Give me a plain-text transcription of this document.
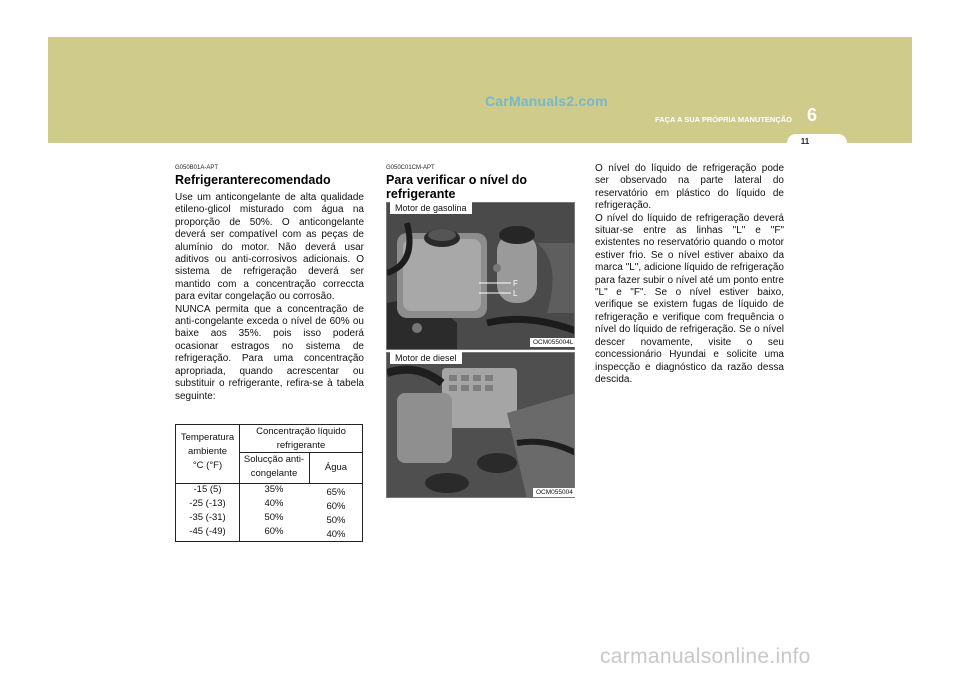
CarManuals2.com
FAÇA A SUA PRÓPRIA MANUTENÇÃO 6
11
G050B01A-APT
Refrigeranterecomendado

Use um anticongelante de alta qualidade etileno-glicol misturado com água na proporção de 50%. O anticongelante deverá ser compatível com as peças de alumínio do motor. Não deverá usar aditivos ou anti-corrosivos adicionais. O sistema de refrigeração deverá ser mantido com a concentração correccta para evitar congelação ou corrosão.

NUNCA permita que a concentração de anti-congelante exceda o nível de 60% ou baixe aos 35%. pois isso poderá ocasionar estragos no sistema de refrigeração. Para uma concentração apropriada, quando acrescentar ou substituir o refrigerante, refira-se à tabela seguinte:

Temperatura
ambiente
°C (°F)
Concentração líquido
refrigerante
Solucção anti-
congelante
Água
-15 (5)
-25 (-13)
-35 (-31)
-45 (-49)
35%
40%
50%
60%
65%
60%
50%
40%
G050C01CM-APT
Para verificar o nível do
refrigerante
F
L
Motor de gasolina
OCM055004L
Motor de diesel
OCM055004

O nível do líquido de refrigeração pode ser observado na parte lateral do reservatório em plástico do líquido de refrigeração.

O nível do líquido de refrigeração deverá situar-se entre as linhas "L" e "F" existentes no reservatório quando o motor estiver frio. Se o nível estiver abaixo da marca "L", adicione líquido de refrigeração para fazer subir o nível até um ponto entre "L" e "F". Se o nível estiver baixo, verifique se existem fugas de líquido de refrigeração e verifique com frequência o nível do líquido de refrigeração. Se o nível descer novamente, visite o seu concessionário Hyundai e solicite uma inspecção e diagnóstico da razão dessa descida.

carmanualsonline.info
